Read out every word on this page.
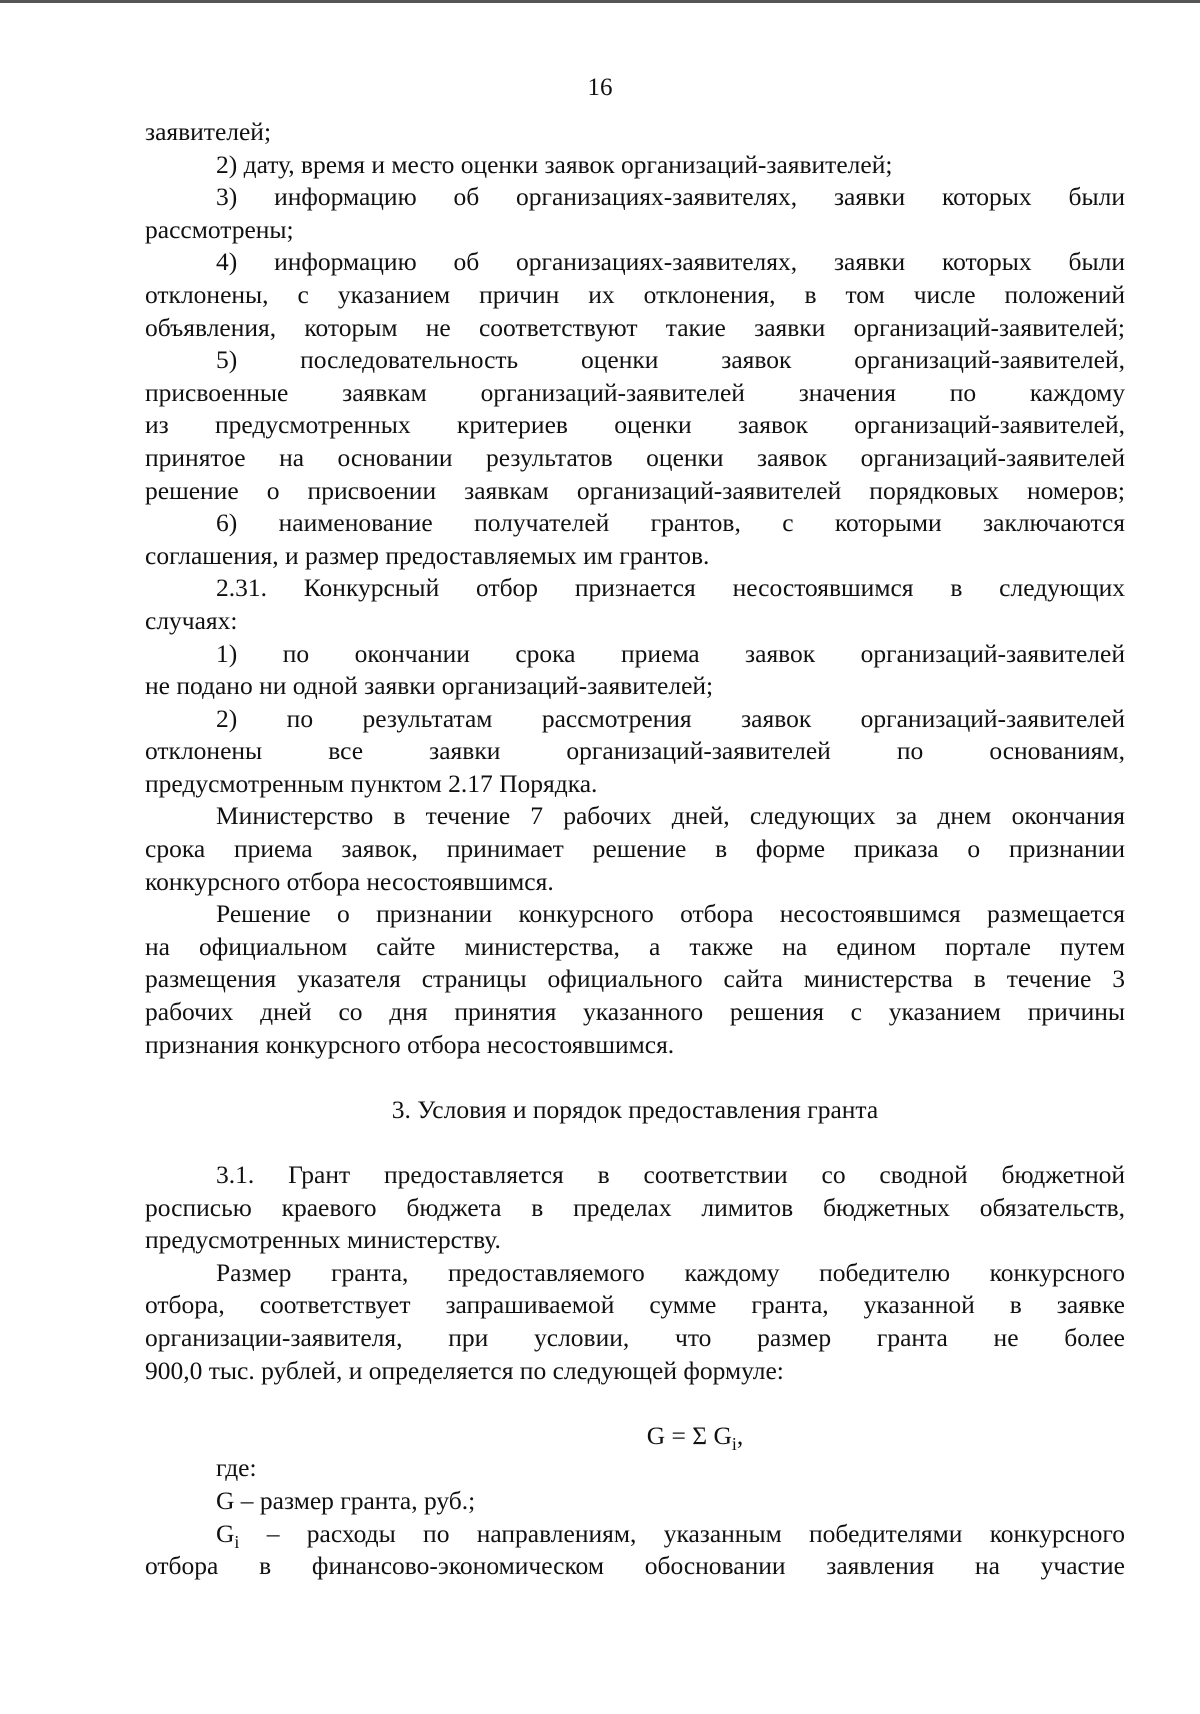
16
заявителей;
2) дату, время и место оценки заявок организаций-заявителей;
3) информацию об организациях-заявителях, заявки которых были
рассмотрены;
4) информацию об организациях-заявителях, заявки которых были
отклонены, с указанием причин их отклонения, в том числе положений
объявления, которым не соответствуют такие заявки организаций-заявителей;
5) последовательность оценки заявок организаций-заявителей,
присвоенные заявкам организаций-заявителей значения по каждому
из предусмотренных критериев оценки заявок организаций-заявителей,
принятое на основании результатов оценки заявок организаций-заявителей
решение о присвоении заявкам организаций-заявителей порядковых номеров;
6) наименование получателей грантов, с которыми заключаются
соглашения, и размер предоставляемых им грантов.
2.31. Конкурсный отбор признается несостоявшимся в следующих
случаях:
1) по окончании срока приема заявок организаций-заявителей
не подано ни одной заявки организаций-заявителей;
2) по результатам рассмотрения заявок организаций-заявителей
отклонены все заявки организаций-заявителей по основаниям,
предусмотренным пунктом 2.17 Порядка.
Министерство в течение 7 рабочих дней, следующих за днем окончания
срока приема заявок, принимает решение в форме приказа о признании
конкурсного отбора несостоявшимся.
Решение о признании конкурсного отбора несостоявшимся размещается
на официальном сайте министерства, а также на едином портале путем
размещения указателя страницы официального сайта министерства в течение 3
рабочих дней со дня принятия указанного решения с указанием причины
признания конкурсного отбора несостоявшимся.
3. Условия и порядок предоставления гранта
3.1. Грант предоставляется в соответствии со сводной бюджетной
росписью краевого бюджета в пределах лимитов бюджетных обязательств,
предусмотренных министерству.
Размер гранта, предоставляемого каждому победителю конкурсного
отбора, соответствует запрашиваемой сумме гранта, указанной в заявке
организации-заявителя, при условии, что размер гранта не более
900,0 тыс. рублей, и определяется по следующей формуле:
G = Σ $G_i$,
где:
G – размер гранта, руб.;
$G_i$ – расходы по направлениям, указанным победителями конкурсного
отбора в финансово-экономическом обосновании заявления на участие
